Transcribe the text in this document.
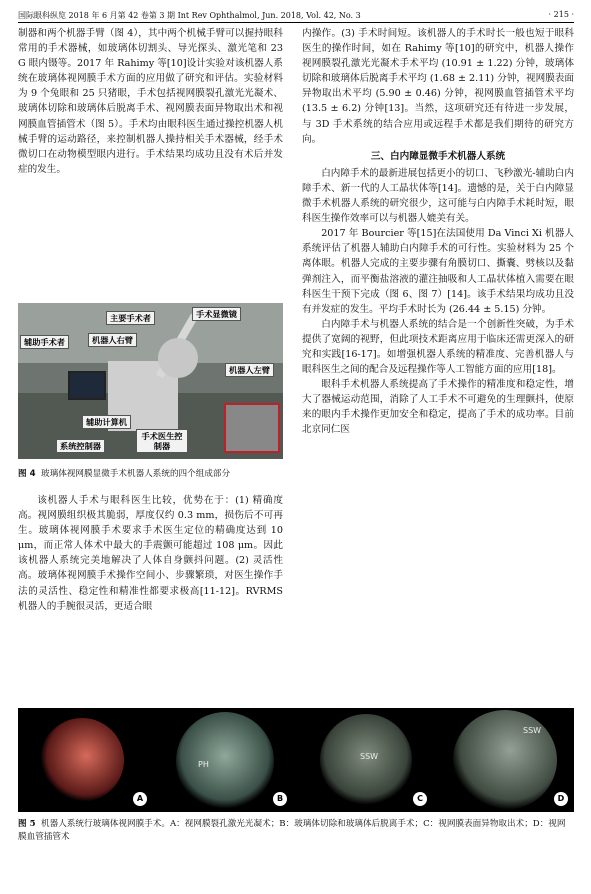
国际眼科纵览 2018 年 6 月第 42 卷第 3 期 Int Rev Ophthalmol, Jun. 2018, Vol. 42, No. 3	· 215 ·

制器和两个机器手臂（图 4），其中两个机械手臂可以握持眼科常用的手术器械，如玻璃体切割头、导光探头、激光笔和 23 G 眼内镊等。2017 年 Rahimy 等[10]设计实验对该机器人系统在玻璃体视网膜手术方面的应用做了研究和评估。实验材料为 9 个兔眼和 25 只猪眼，手术包括视网膜裂孔激光光凝术、玻璃体切除和玻璃体后脱离手术、视网膜表面异物取出术和视网膜血管插管术（图 5）。手术均由眼科医生通过操控机器人机械手臂的运动路径，来控制机器人操持相关手术器械，经手术微切口在动物模型眼内进行。手术结果均成功且没有术后并发症的发生。

主要手术者	手术显微镜
辅助手术者	机器人右臂
机器人左臂
辅助计算机
系统控制器
手术医生控制器
图 4 玻璃体视网膜显微手术机器人系统的四个组成部分

该机器人手术与眼科医生比较，优势在于：(1) 精确度高。视网膜组织极其脆弱，厚度仅约 0.3 mm，损伤后不可再生。玻璃体视网膜手术要求手术医生定位的精确度达到 10 μm，而正常人体术中最大的手震颤可能超过 108 μm。因此该机器人系统完美地解决了人体自身颤抖问题。(2) 灵活性高。玻璃体视网膜手术操作空间小、步骤繁琐，对医生操作手法的灵活性、稳定性和精准性都要求极高[11-12]。RVRMS 机器人的手腕很灵活，更适合眼

内操作。(3) 手术时间短。该机器人的手术时长一般也短于眼科医生的操作时间，如在 Rahimy 等[10]的研究中，机器人操作视网膜裂孔激光光凝术手术平均 (10.91 ± 1.22) 分钟，玻璃体切除和玻璃体后脱离手术平均 (1.68 ± 2.11) 分钟，视网膜表面异物取出术平均 (5.90 ± 0.46) 分钟，视网膜血管插管术平均 (13.5 ± 6.2) 分钟[13]。当然，这项研究还有待进一步发展，与 3D 手术系统的结合应用或远程手术都是我们期待的研究方向。

三、白内障显微手术机器人系统

白内障手术的最新进展包括更小的切口、飞秒激光-辅助白内障手术、新一代的人工晶状体等[14]。遗憾的是，关于白内障显微手术机器人系统的研究很少，这可能与白内障手术耗时短，眼科医生操作效率可以与机器人媲美有关。

2017 年 Bourcier 等[15]在法国使用 Da Vinci Xi 机器人系统评估了机器人辅助白内障手术的可行性。实验材料为 25 个离体眼。机器人完成的主要步骤有角膜切口、撕囊、劈核以及黏弹剂注入，而平衡盐溶液的灌注抽吸和人工晶状体植入需要在眼科医生干预下完成（图 6、图 7）[14]。该手术结果均成功且没有并发症的发生。平均手术时长为 (26.44 ± 5.15) 分钟。

白内障手术与机器人系统的结合是一个创新性突破，为手术提供了宽阔的视野，但此项技术距离应用于临床还需更深入的研究和实践[16-17]。如增强机器人系统的精准度、完善机器人与眼科医生之间的配合及远程操作等人工智能方面的应用[18]。

眼科手术机器人系统提高了手术操作的精准度和稳定性，增大了器械运动范围，消除了人工手术不可避免的生理颤抖，使原来的眼内手术操作更加安全和稳定，提高了手术的成功率。目前北京同仁医

A
PH
B
SSW
C
SSW
D
图 5 机器人系统行玻璃体视网膜手术。A：视网膜裂孔激光光凝术；B：玻璃体切除和玻璃体后脱离手术；C：视网膜表面异物取出术；D：视网膜血管插管术
